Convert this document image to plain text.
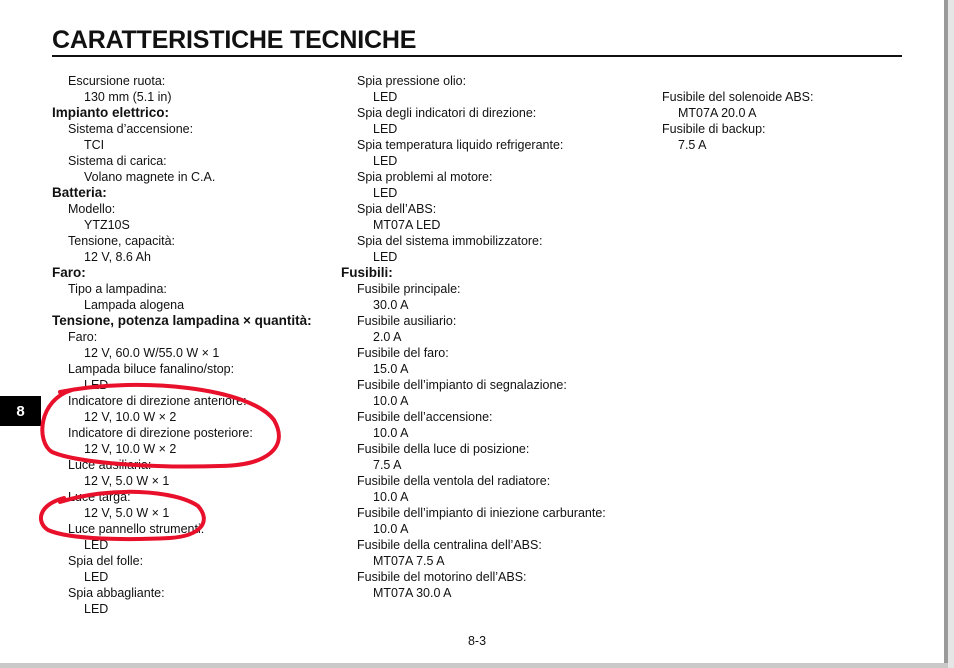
CARATTERISTICHE TECNICHE
8
Escursione ruota:
130 mm (5.1 in)
Impianto elettrico:
Sistema d’accensione:
TCI
Sistema di carica:
Volano magnete in C.A.
Batteria:
Modello:
YTZ10S
Tensione, capacità:
12 V, 8.6 Ah
Faro:
Tipo a lampadina:
Lampada alogena
Tensione, potenza lampadina × quantità:
Faro:
12 V, 60.0 W/55.0 W × 1
Lampada biluce fanalino/stop:
LED
Indicatore di direzione anteriore:
12 V, 10.0 W × 2
Indicatore di direzione posteriore:
12 V, 10.0 W × 2
Luce ausiliaria:
12 V, 5.0 W × 1
Luce targa:
12 V, 5.0 W × 1
Luce pannello strumenti:
LED
Spia del folle:
LED
Spia abbagliante:
LED
Spia pressione olio:
LED
Spia degli indicatori di direzione:
LED
Spia temperatura liquido refrigerante:
LED
Spia problemi al motore:
LED
Spia dell’ABS:
MT07A LED
Spia del sistema immobilizzatore:
LED
Fusibili:
Fusibile principale:
30.0 A
Fusibile ausiliario:
2.0 A
Fusibile del faro:
15.0 A
Fusibile dell’impianto di segnalazione:
10.0 A
Fusibile dell’accensione:
10.0 A
Fusibile della luce di posizione:
7.5 A
Fusibile della ventola del radiatore:
10.0 A
Fusibile dell’impianto di iniezione carburante:
10.0 A
Fusibile della centralina dell’ABS:
MT07A 7.5 A
Fusibile del motorino dell’ABS:
MT07A 30.0 A
Fusibile del solenoide ABS:
MT07A 20.0 A
Fusibile di backup:
7.5 A
8-3
